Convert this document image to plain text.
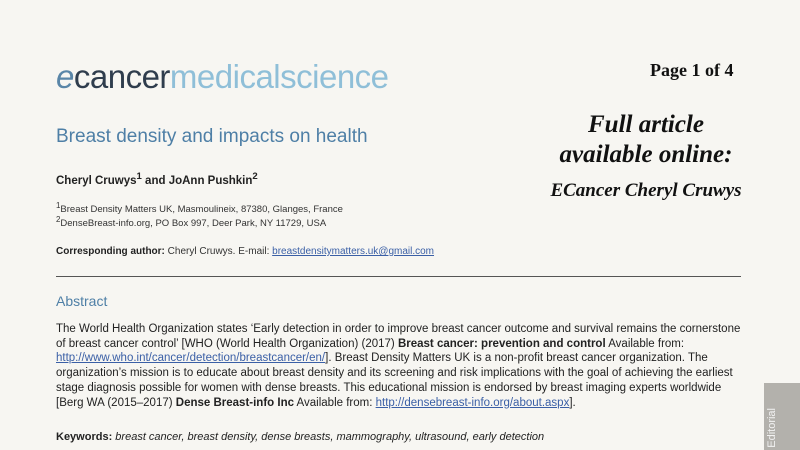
ecancermedicalscience	Page 1 of 4
Breast density and impacts on health	Full article
available online:
ECancer Cheryl Cruwys
Cheryl Cruwys$^1$ and JoAnn Pushkin$^2$
$^1$Breast Density Matters UK, Masmoulineix, 87380, Glanges, France
$^2$DenseBreast-info.org, PO Box 997, Deer Park, NY 11729, USA
Corresponding author: Cheryl Cruwys. E-mail: breastdensitymatters.uk@gmail.com
Abstract
The World Health Organization states ‘Early detection in order to improve breast cancer outcome and survival remains the cornerstone of breast cancer control’ [WHO (World Health Organization) (2017) Breast cancer: prevention and control Available from: http://www.who.int/cancer/detection/breastcancer/en/]. Breast Density Matters UK is a non-profit breast cancer organization. The organization’s mission is to educate about breast density and its screening and risk implications with the goal of achieving the earliest stage diagnosis possible for women with dense breasts. This educational mission is endorsed by breast imaging experts worldwide [Berg WA (2015–2017) Dense Breast-info Inc Available from: http://densebreast-info.org/about.aspx].
Keywords: breast cancer, breast density, dense breasts, mammography, ultrasound, early detection	Editorial
